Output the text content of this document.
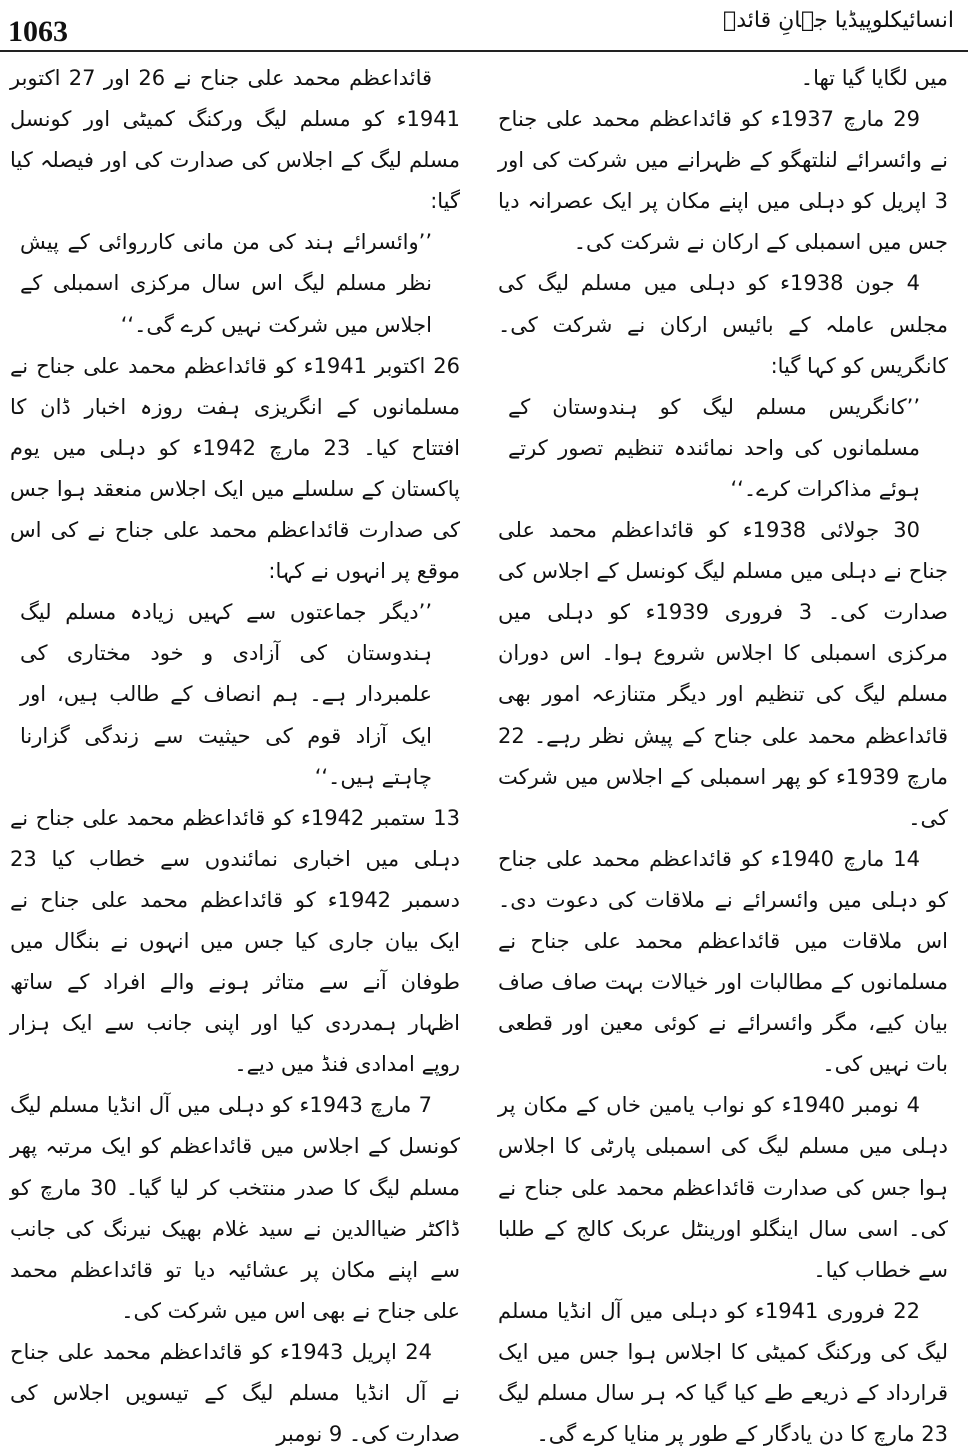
1063	انسائیکلوپیڈیا جہانِ قائدؒ

میں لگایا گیا تھا۔

29 مارچ 1937ء کو قائداعظم محمد علی جناح نے وائسرائے لنلتھگو کے ظہرانے میں شرکت کی اور 3 اپریل کو دہلی میں اپنے مکان پر ایک عصرانہ دیا جس میں اسمبلی کے ارکان نے شرکت کی۔

4 جون 1938ء کو دہلی میں مسلم لیگ کی مجلس عاملہ کے بائیس ارکان نے شرکت کی۔ کانگریس کو کہا گیا:

’’کانگریس مسلم لیگ کو ہندوستان کے مسلمانوں کی واحد نمائندہ تنظیم تصور کرتے ہوئے مذاکرات کرے۔‘‘

30 جولائی 1938ء کو قائداعظم محمد علی جناح نے دہلی میں مسلم لیگ کونسل کے اجلاس کی صدارت کی۔ 3 فروری 1939ء کو دہلی میں مرکزی اسمبلی کا اجلاس شروع ہوا۔ اس دوران مسلم لیگ کی تنظیم اور دیگر متنازعہ امور بھی قائداعظم محمد علی جناح کے پیش نظر رہے۔ 22 مارچ 1939ء کو پھر اسمبلی کے اجلاس میں شرکت کی۔

14 مارچ 1940ء کو قائداعظم محمد علی جناح کو دہلی میں وائسرائے نے ملاقات کی دعوت دی۔ اس ملاقات میں قائداعظم محمد علی جناح نے مسلمانوں کے مطالبات اور خیالات بہت صاف صاف بیان کیے، مگر وائسرائے نے کوئی معین اور قطعی بات نہیں کی۔

4 نومبر 1940ء کو نواب یامین خاں کے مکان پر دہلی میں مسلم لیگ کی اسمبلی پارٹی کا اجلاس ہوا جس کی صدارت قائداعظم محمد علی جناح نے کی۔ اسی سال اینگلو اورینٹل عربک کالج کے طلبا سے خطاب کیا۔

22 فروری 1941ء کو دہلی میں آل انڈیا مسلم لیگ کی ورکنگ کمیٹی کا اجلاس ہوا جس میں ایک قرارداد کے ذریعے طے کیا گیا کہ ہر سال مسلم لیگ 23 مارچ کا دن یادگار کے طور پر منایا کرے گی۔

قائداعظم محمد علی جناح نے 26 اور 27 اکتوبر 1941ء کو مسلم لیگ ورکنگ کمیٹی اور کونسل مسلم لیگ کے اجلاس کی صدارت کی اور فیصلہ کیا گیا:

’’وائسرائے ہند کی من مانی کارروائی کے پیش نظر مسلم لیگ اس سال مرکزی اسمبلی کے اجلاس میں شرکت نہیں کرے گی۔‘‘

26 اکتوبر 1941ء کو قائداعظم محمد علی جناح نے مسلمانوں کے انگریزی ہفت روزہ اخبار ڈان کا افتتاح کیا۔ 23 مارچ 1942ء کو دہلی میں یوم پاکستان کے سلسلے میں ایک اجلاس منعقد ہوا جس کی صدارت قائداعظم محمد علی جناح نے کی اس موقع پر انہوں نے کہا:

’’دیگر جماعتوں سے کہیں زیادہ مسلم لیگ ہندوستان کی آزادی و خود مختاری کی علمبردار ہے۔ ہم انصاف کے طالب ہیں، اور ایک آزاد قوم کی حیثیت سے زندگی گزارنا چاہتے ہیں۔‘‘

13 ستمبر 1942ء کو قائداعظم محمد علی جناح نے دہلی میں اخباری نمائندوں سے خطاب کیا 23 دسمبر 1942ء کو قائداعظم محمد علی جناح نے ایک بیان جاری کیا جس میں انہوں نے بنگال میں طوفان آنے سے متاثر ہونے والے افراد کے ساتھ اظہار ہمدردی کیا اور اپنی جانب سے ایک ہزار روپے امدادی فنڈ میں دیے۔

7 مارچ 1943ء کو دہلی میں آل انڈیا مسلم لیگ کونسل کے اجلاس میں قائداعظم کو ایک مرتبہ پھر مسلم لیگ کا صدر منتخب کر لیا گیا۔ 30 مارچ کو ڈاکٹر ضیاالدین نے سید غلام بھیک نیرنگ کی جانب سے اپنے مکان پر عشائیہ دیا تو قائداعظم محمد علی جناح نے بھی اس میں شرکت کی۔

24 اپریل 1943ء کو قائداعظم محمد علی جناح نے آل انڈیا مسلم لیگ کے تیسویں اجلاس کی صدارت کی۔ 9 نومبر
